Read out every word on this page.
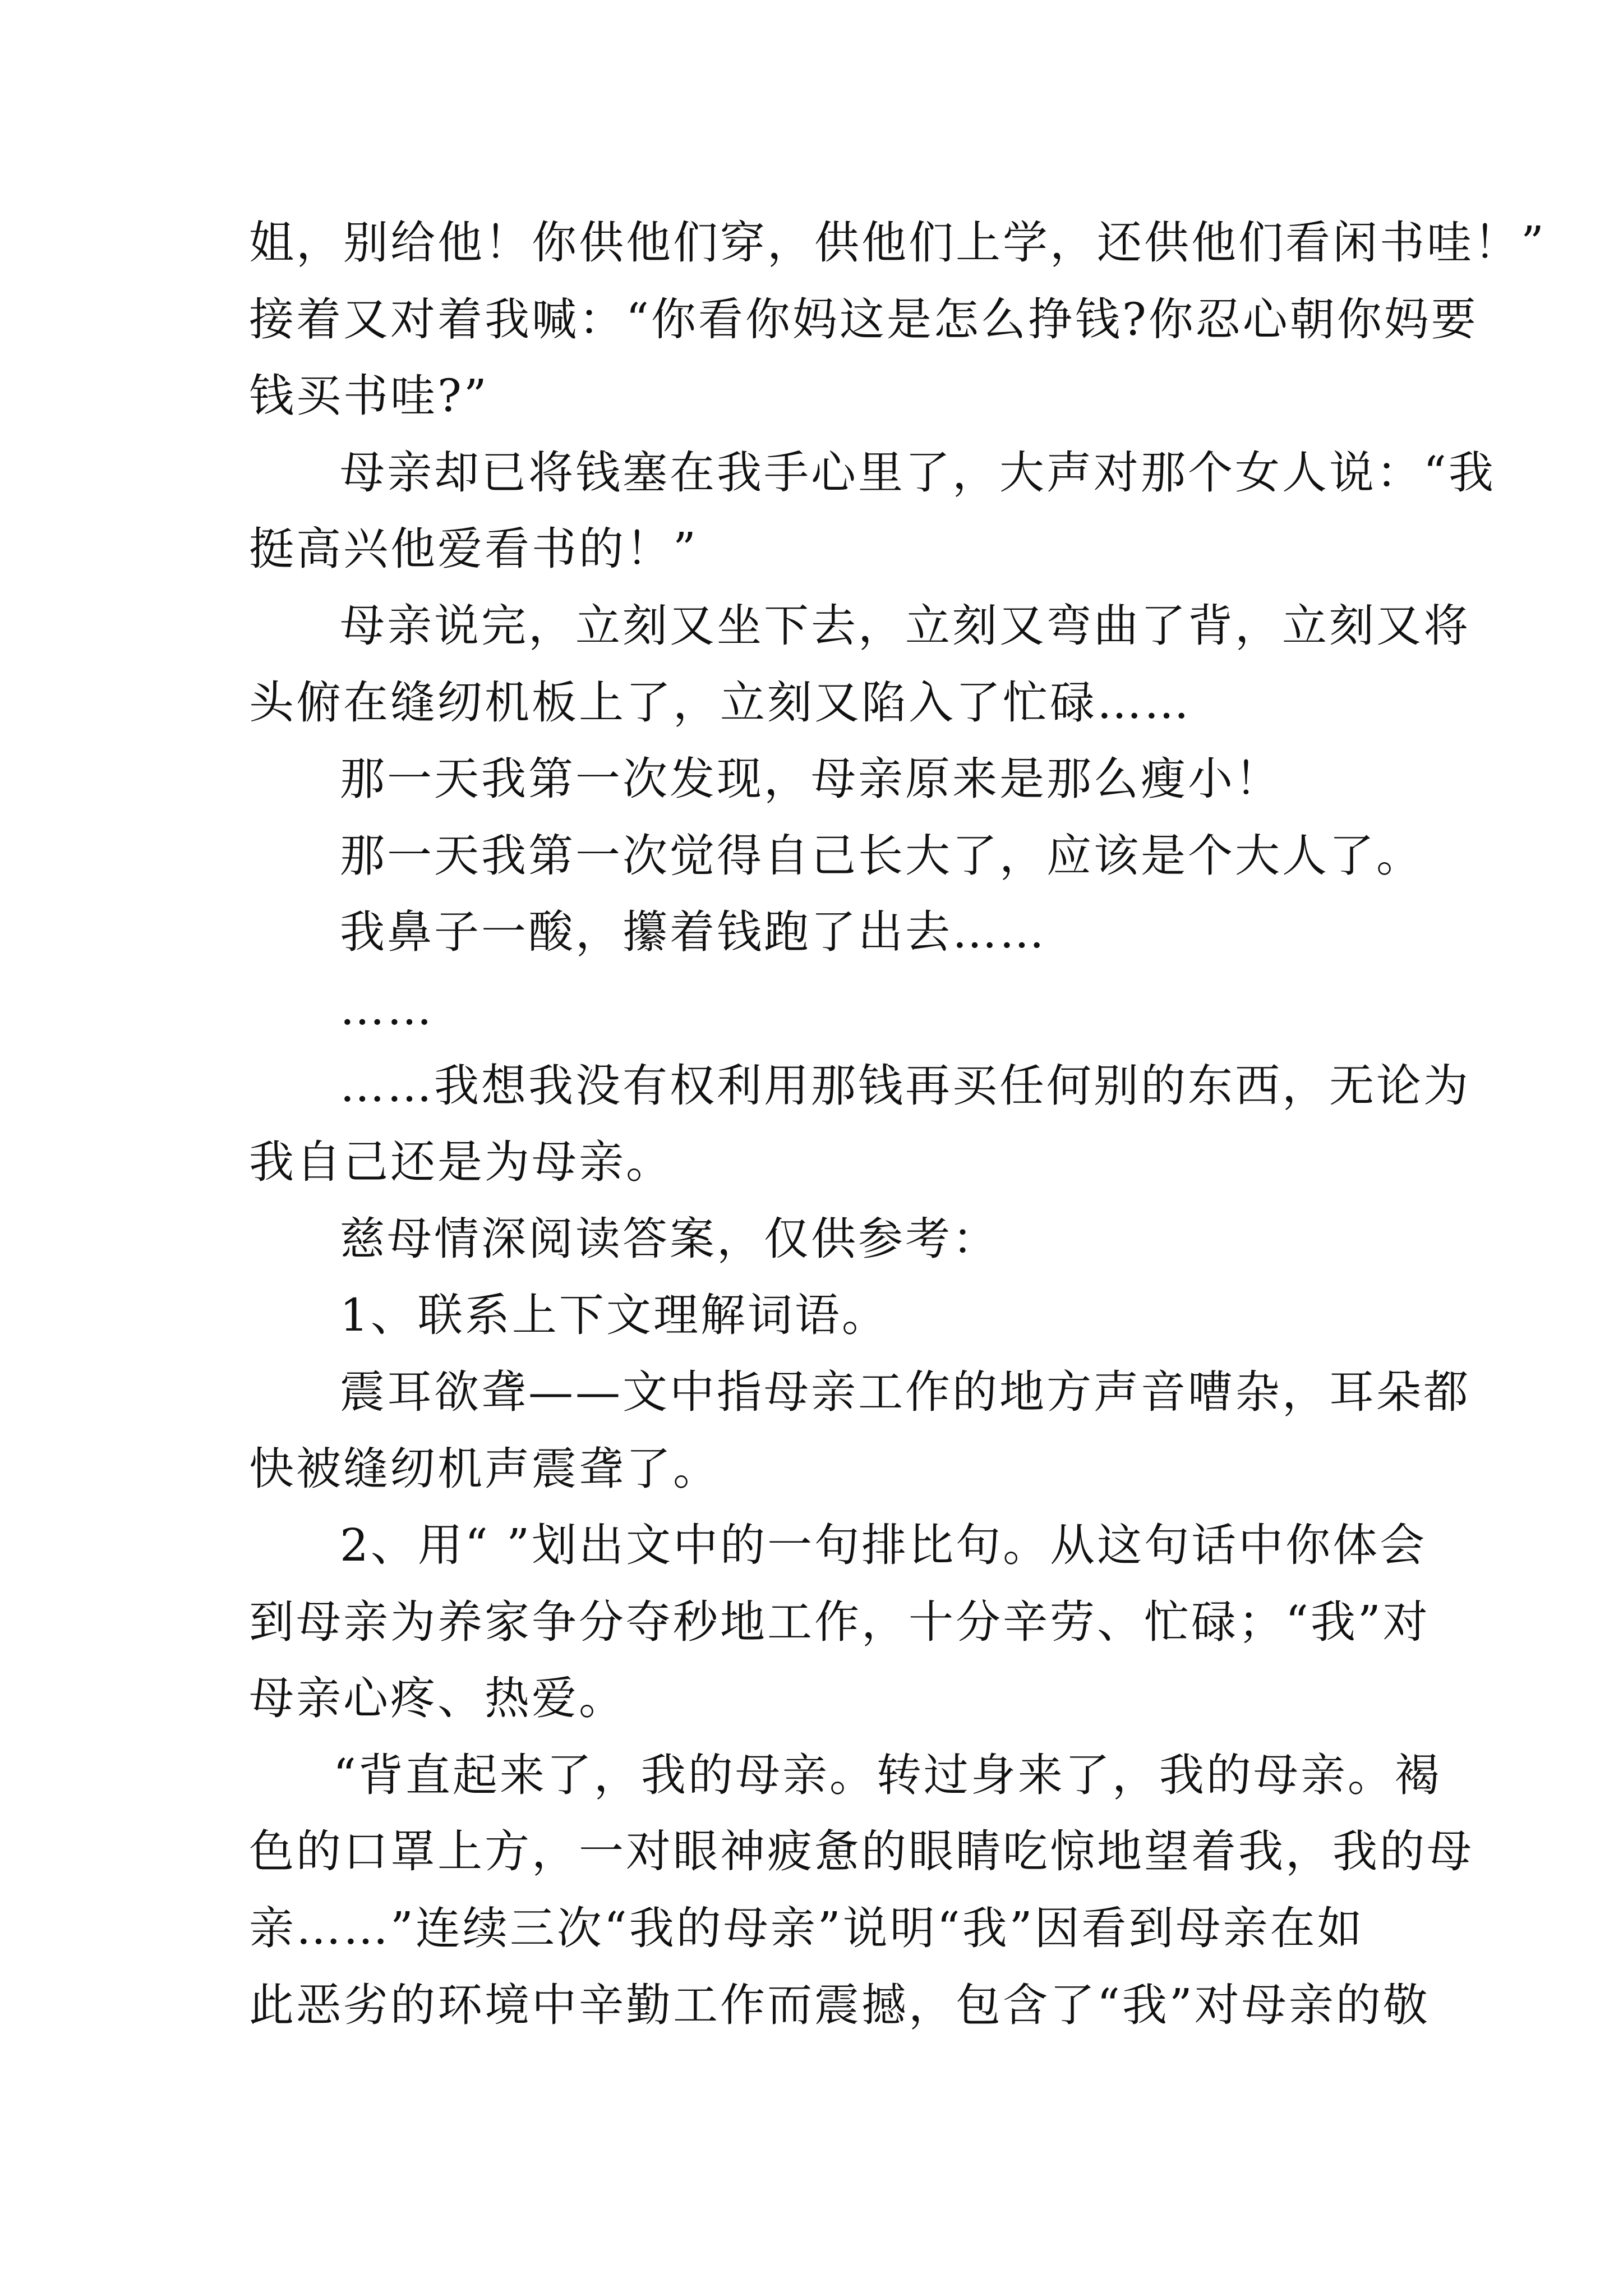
姐，别给他！你供他们穿，供他们上学，还供他们看闲书哇！”
接着又对着我喊：“你看你妈这是怎么挣钱?你忍心朝你妈要
钱买书哇?”
母亲却已将钱塞在我手心里了，大声对那个女人说：“我
挺高兴他爱看书的！”
母亲说完，立刻又坐下去，立刻又弯曲了背，立刻又将
头俯在缝纫机板上了，立刻又陷入了忙碌……
那一天我第一次发现，母亲原来是那么瘦小！
那一天我第一次觉得自己长大了，应该是个大人了。
我鼻子一酸，攥着钱跑了出去……
……
……我想我没有权利用那钱再买任何别的东西，无论为
我自己还是为母亲。
慈母情深阅读答案，仅供参考：
1、联系上下文理解词语。
震耳欲聋——文中指母亲工作的地方声音嘈杂，耳朵都
快被缝纫机声震聋了。
2、用“ ”划出文中的一句排比句。从这句话中你体会
到母亲为养家争分夺秒地工作，十分辛劳、忙碌；“我”对
母亲心疼、热爱。
“背直起来了，我的母亲。转过身来了，我的母亲。褐
色的口罩上方，一对眼神疲惫的眼睛吃惊地望着我，我的母
亲……”连续三次“我的母亲”说明“我”因看到母亲在如
此恶劣的环境中辛勤工作而震撼，包含了“我”对母亲的敬
